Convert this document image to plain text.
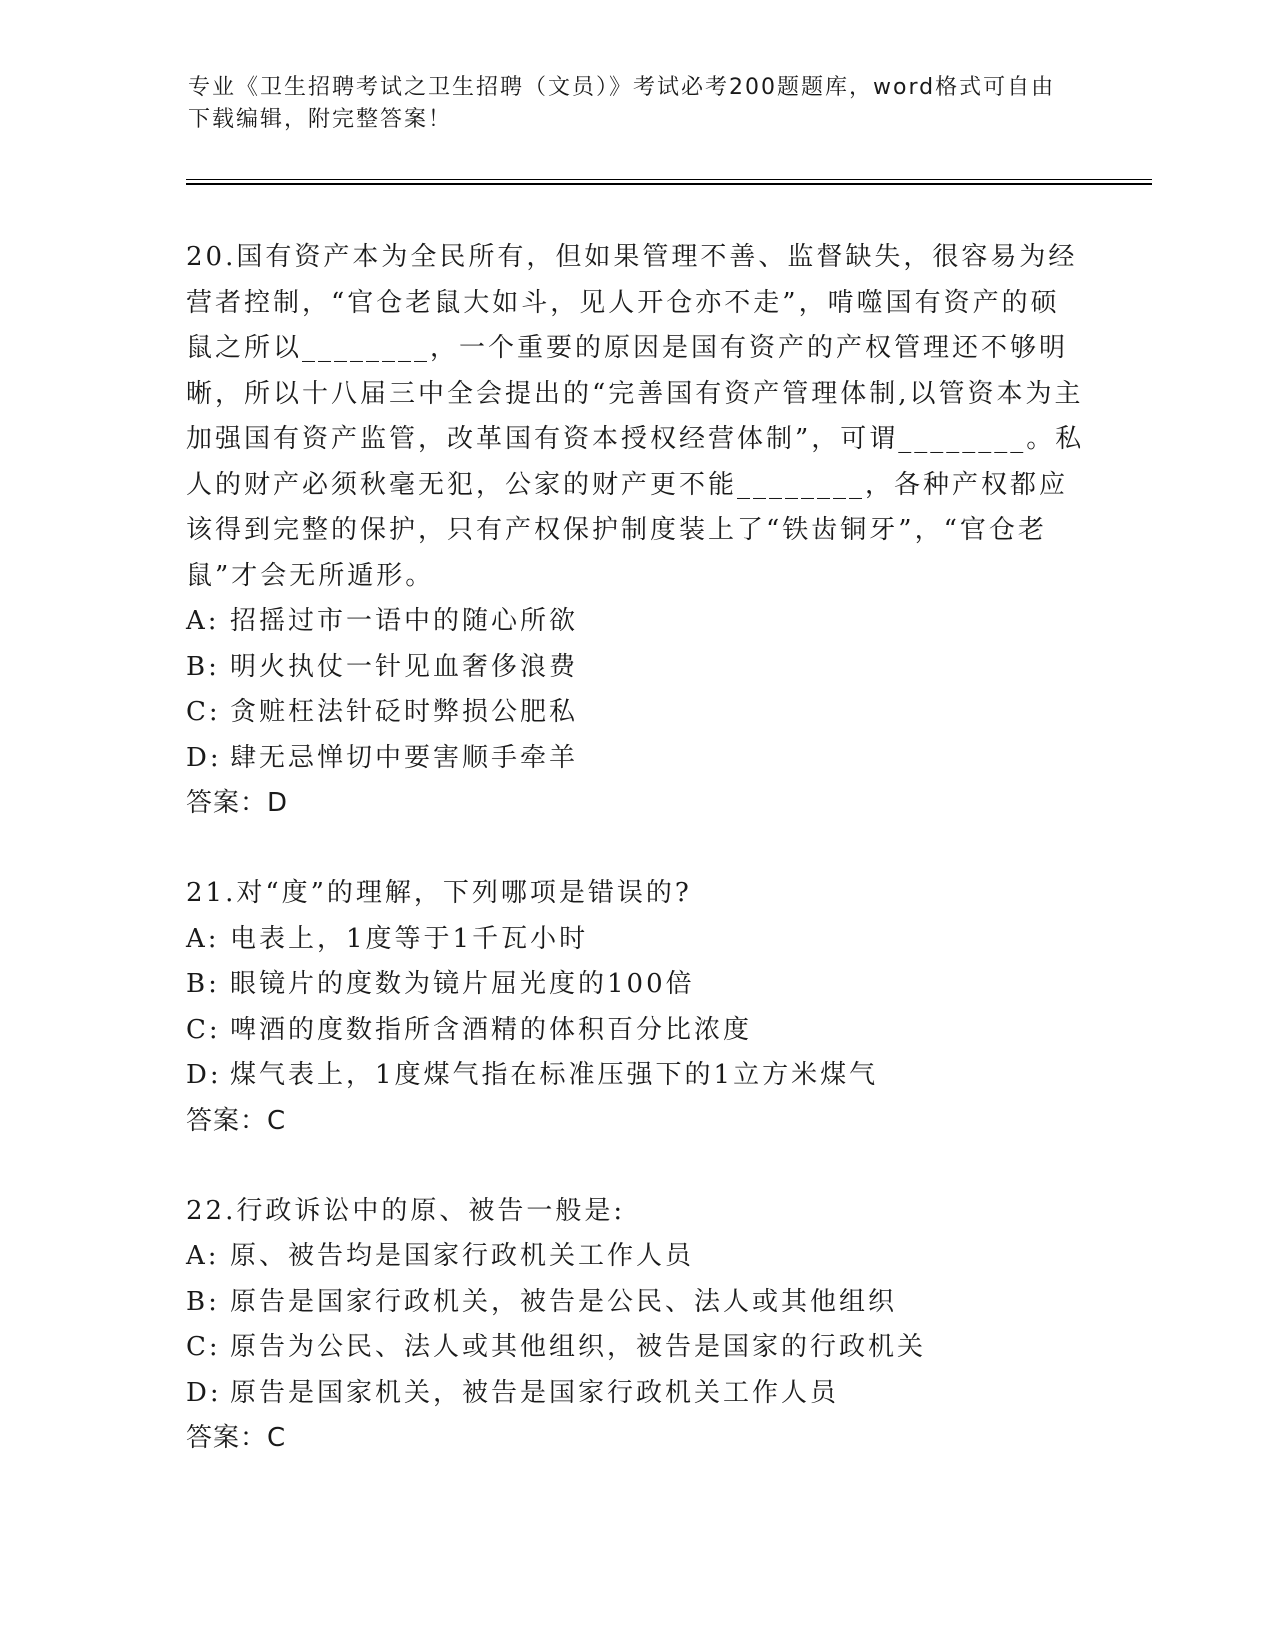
专业《卫生招聘考试之卫生招聘（文员）》考试必考200题题库，word格式可自由下载编辑，附完整答案！
20.国有资产本为全民所有，但如果管理不善、监督缺失，很容易为经营者控制，“官仓老鼠大如斗，见人开仓亦不走”，啃噬国有资产的硕鼠之所以________，一个重要的原因是国有资产的产权管理还不够明晰，所以十八届三中全会提出的“完善国有资产管理体制,以管资本为主加强国有资产监管，改革国有资本授权经营体制”，可谓________。私人的财产必须秋毫无犯，公家的财产更不能________，各种产权都应该得到完整的保护，只有产权保护制度装上了“铁齿铜牙”，“官仓老鼠”才会无所遁形。
A: 招摇过市一语中的随心所欲
B: 明火执仗一针见血奢侈浪费
C: 贪赃枉法针砭时弊损公肥私
D: 肆无忌惮切中要害顺手牵羊
答案：D
21.对“度”的理解，下列哪项是错误的?
A: 电表上，1度等于1千瓦小时
B: 眼镜片的度数为镜片屈光度的100倍
C: 啤酒的度数指所含酒精的体积百分比浓度
D: 煤气表上，1度煤气指在标准压强下的1立方米煤气
答案：C
22.行政诉讼中的原、被告一般是:
A: 原、被告均是国家行政机关工作人员
B: 原告是国家行政机关，被告是公民、法人或其他组织
C: 原告为公民、法人或其他组织，被告是国家的行政机关
D: 原告是国家机关，被告是国家行政机关工作人员
答案：C
